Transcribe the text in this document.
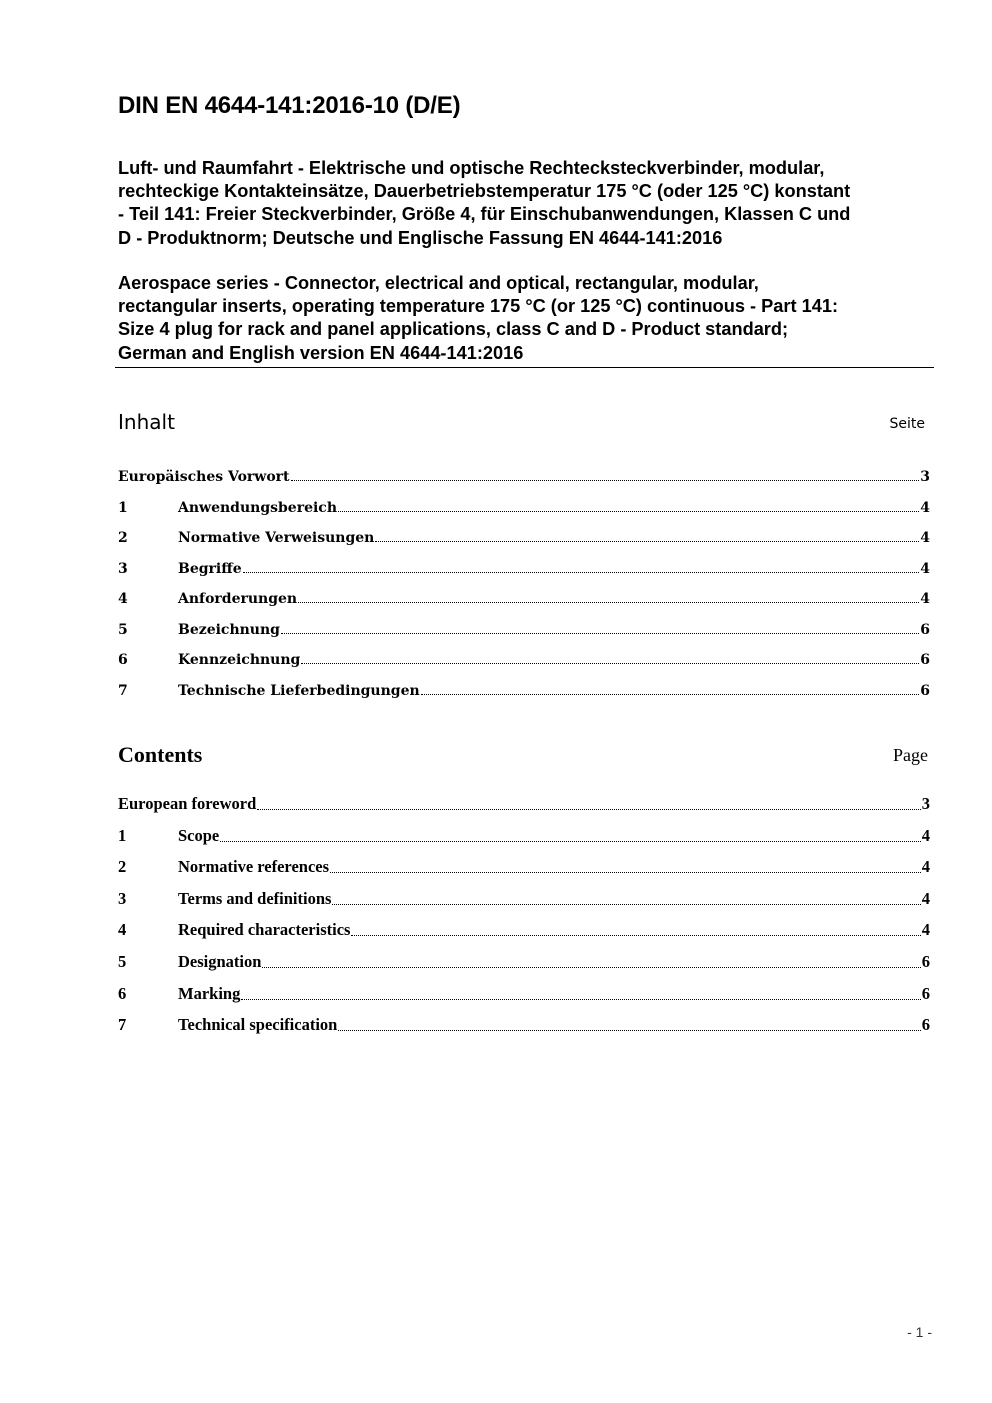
DIN EN 4644-141:2016-10 (D/E)

Luft- und Raumfahrt - Elektrische und optische Rechtecksteckverbinder, modular,
rechteckige Kontakteinsätze, Dauerbetriebstemperatur 175 °C (oder 125 °C) konstant
- Teil 141: Freier Steckverbinder, Größe 4, für Einschubanwendungen, Klassen C und
D - Produktnorm; Deutsche und Englische Fassung EN 4644-141:2016

Aerospace series - Connector, electrical and optical, rectangular, modular,
rectangular inserts, operating temperature 175 °C (or 125 °C) continuous - Part 141:
Size 4 plug for rack and panel applications, class C and D - Product standard;
German and English version EN 4644-141:2016

Inhalt	Seite
Europäisches Vorwort	3
1	Anwendungsbereich	4
2	Normative Verweisungen	4
3	Begriffe	4
4	Anforderungen	4
5	Bezeichnung	6
6	Kennzeichnung	6
7	Technische Lieferbedingungen	6
Contents	Page
European foreword	3
1	Scope	4
2	Normative references	4
3	Terms and definitions	4
4	Required characteristics	4
5	Designation	6
6	Marking	6
7	Technical specification	6
- 1 -
